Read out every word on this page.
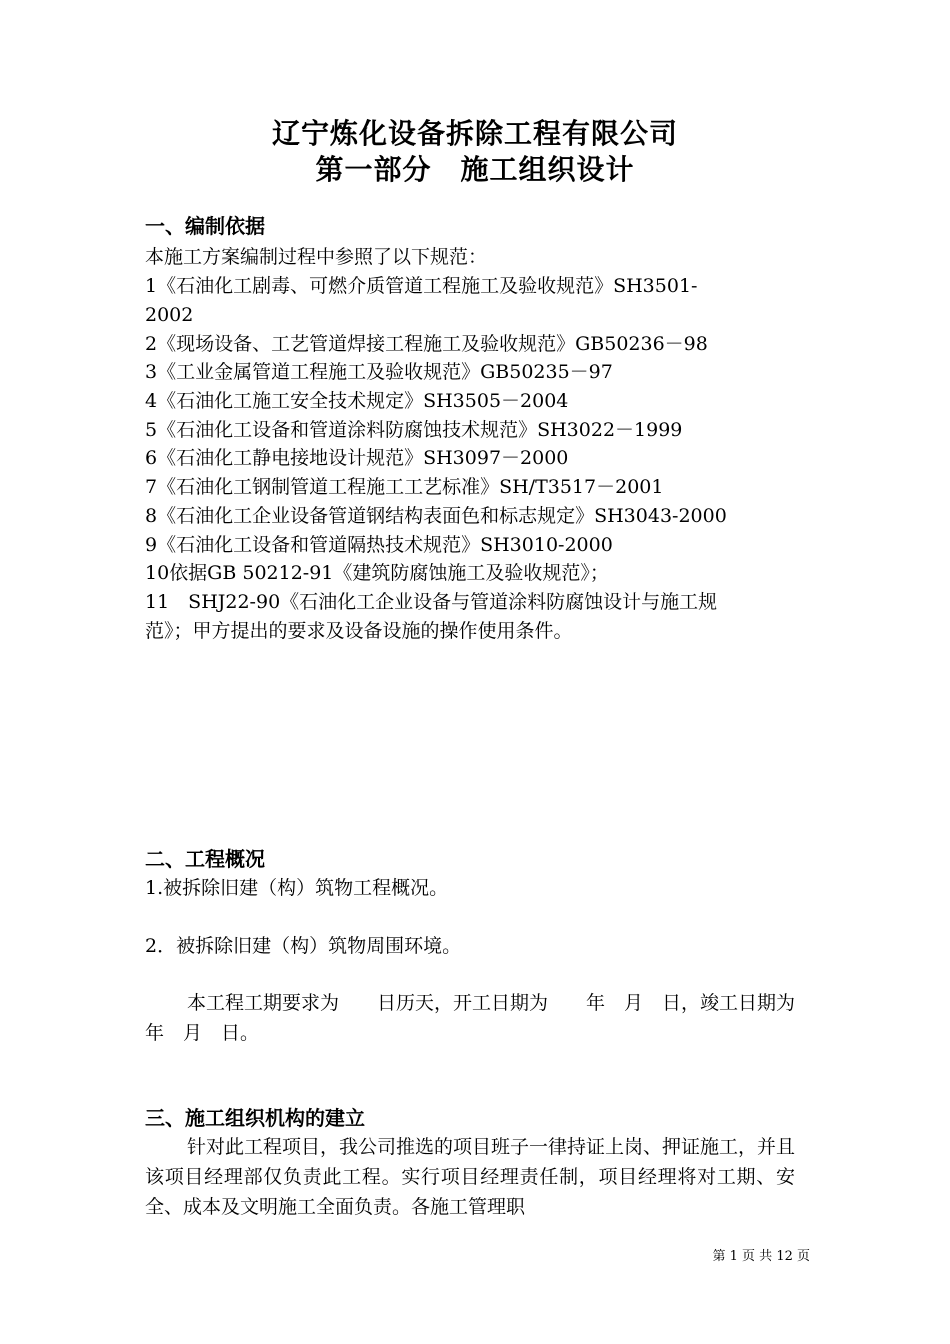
辽宁炼化设备拆除工程有限公司
第一部分　施工组织设计
一、编制依据
本施工方案编制过程中参照了以下规范：
1《石油化工剧毒、可燃介质管道工程施工及验收规范》SH3501-
2002
2《现场设备、工艺管道焊接工程施工及验收规范》GB50236－98
3《工业金属管道工程施工及验收规范》GB50235－97
4《石油化工施工安全技术规定》SH3505－2004
5《石油化工设备和管道涂料防腐蚀技术规范》SH3022－1999
6《石油化工静电接地设计规范》SH3097－2000
7《石油化工钢制管道工程施工工艺标准》SH/T3517－2001
8《石油化工企业设备管道钢结构表面色和标志规定》SH3043-2000
9《石油化工设备和管道隔热技术规范》SH3010-2000
10依据GB 50212-91《建筑防腐蚀施工及验收规范》；
11　SHJ22-90《石油化工企业设备与管道涂料防腐蚀设计与施工规
范》；甲方提出的要求及设备设施的操作使用条件。
二、工程概况
1.被拆除旧建（构）筑物工程概况。
2．被拆除旧建（构）筑物周围环境。
本工程工期要求为　　日历天，开工日期为　　年　月　日，竣工日期为　年　月　日。
三、施工组织机构的建立
针对此工程项目，我公司推选的项目班子一律持证上岗、押证施工，并且该项目经理部仅负责此工程。实行项目经理责任制，项目经理将对工期、安全、成本及文明施工全面负责。各施工管理职
第 1 页 共 12 页
